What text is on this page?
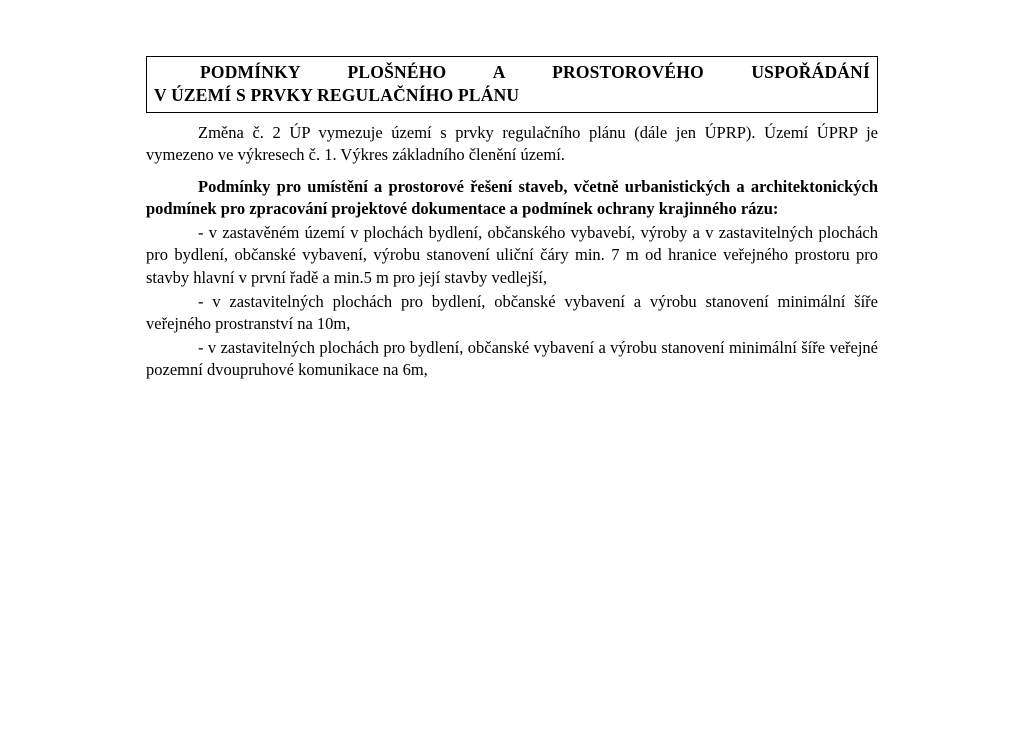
PODMÍNKY PLOŠNÉHO A PROSTOROVÉHO USPOŘÁDÁNÍ
V ÚZEMÍ S PRVKY REGULAČNÍHO PLÁNU

Změna č. 2 ÚP vymezuje území s prvky regulačního plánu (dále jen ÚPRP). Území ÚPRP je vymezeno ve výkresech č. 1. Výkres základního členění území.

Podmínky pro umístění a prostorové řešení staveb, včetně urbanistických a architektonických podmínek pro zpracování projektové dokumentace a podmínek ochrany krajinného rázu:

- v zastavěném území v plochách bydlení, občanského vybavebí, výroby a v zastavitelných plochách pro bydlení, občanské vybavení, výrobu stanovení uliční čáry min. 7 m od hranice veřejného prostoru pro stavby hlavní v první řadě a min.5 m pro její stavby vedlejší,

- v zastavitelných plochách pro bydlení, občanské vybavení a výrobu stanovení minimální šíře veřejného prostranství na 10m,

- v zastavitelných plochách pro bydlení, občanské vybavení a výrobu stanovení minimální šíře veřejné pozemní dvoupruhové komunikace na 6m,
